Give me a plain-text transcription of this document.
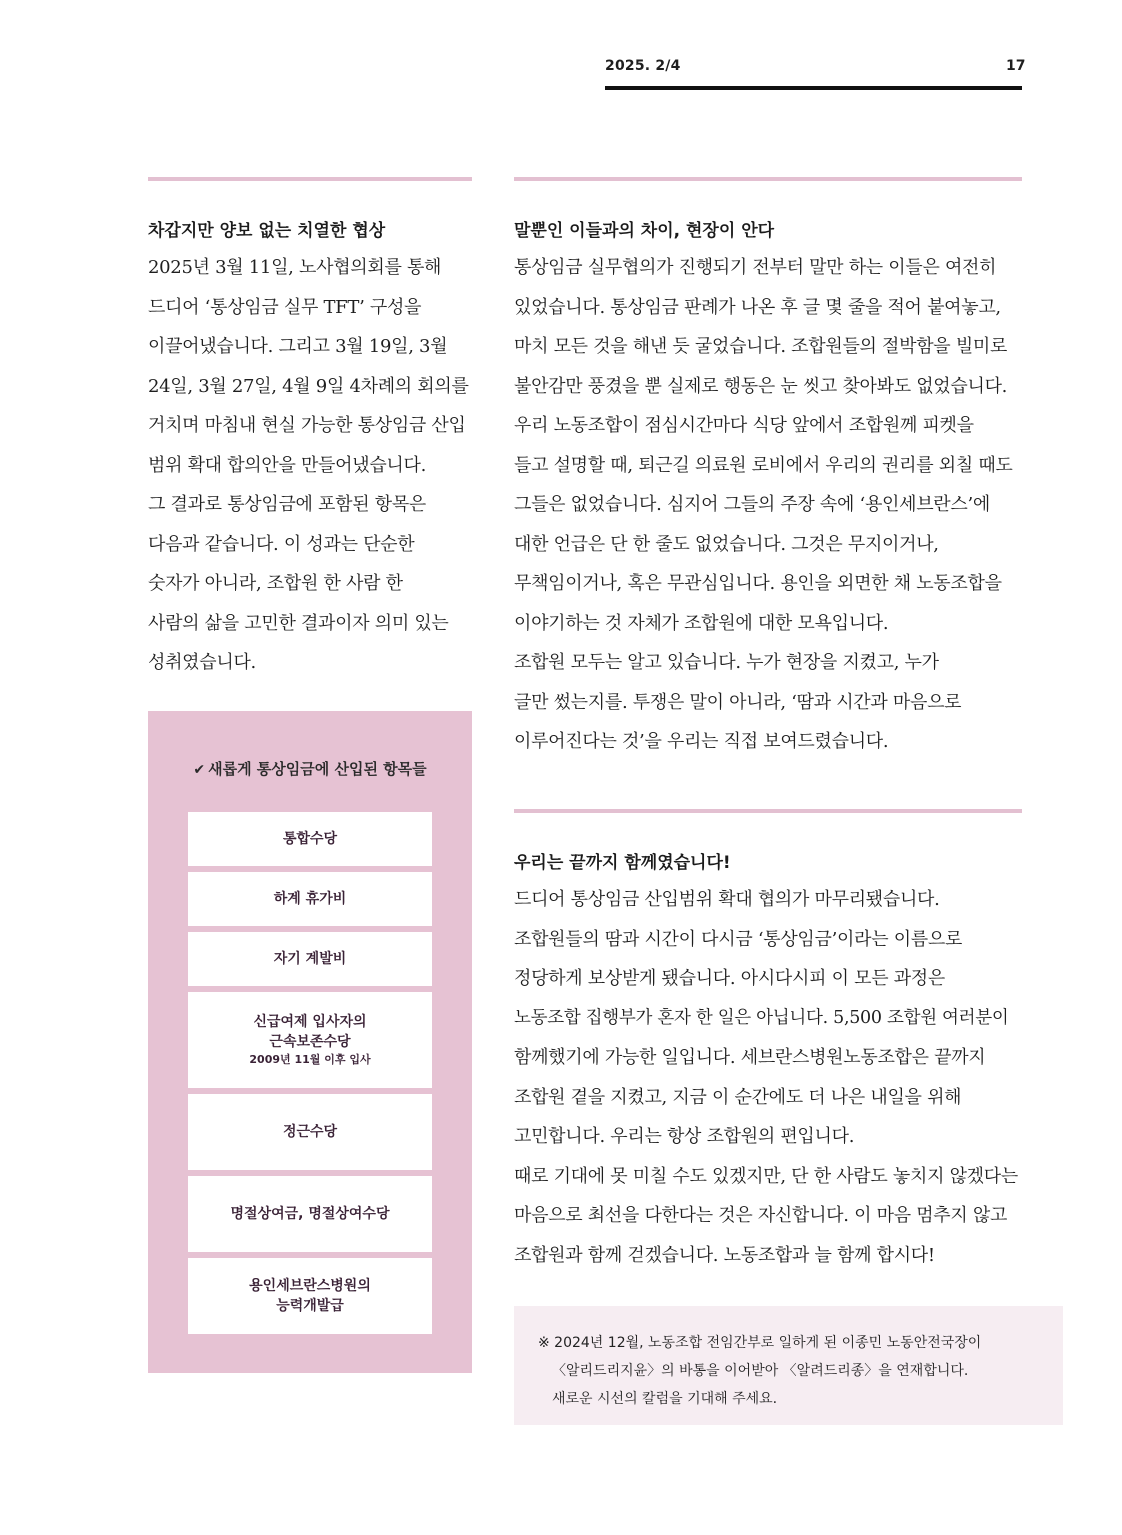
2025. 2/4	17
차갑지만 양보 없는 치열한 협상
2025년 3월 11일, 노사협의회를 통해
드디어 ‘통상임금 실무 TFT’ 구성을
이끌어냈습니다. 그리고 3월 19일, 3월
24일, 3월 27일, 4월 9일 4차례의 회의를
거치며 마침내 현실 가능한 통상임금 산입
범위 확대 합의안을 만들어냈습니다.
그 결과로 통상임금에 포함된 항목은
다음과 같습니다. 이 성과는 단순한
숫자가 아니라, 조합원 한 사람 한
사람의 삶을 고민한 결과이자 의미 있는
성취였습니다.
✔ 새롭게 통상임금에 산입된 항목들
통합수당
하계 휴가비
자기 계발비
신급여제 입사자의
근속보존수당
2009년 11월 이후 입사
정근수당
명절상여금, 명절상여수당
용인세브란스병원의
능력개발급
말뿐인 이들과의 차이, 현장이 안다
통상임금 실무협의가 진행되기 전부터 말만 하는 이들은 여전히
있었습니다. 통상임금 판례가 나온 후 글 몇 줄을 적어 붙여놓고,
마치 모든 것을 해낸 듯 굴었습니다. 조합원들의 절박함을 빌미로
불안감만 풍겼을 뿐 실제로 행동은 눈 씻고 찾아봐도 없었습니다.
우리 노동조합이 점심시간마다 식당 앞에서 조합원께 피켓을
들고 설명할 때, 퇴근길 의료원 로비에서 우리의 권리를 외칠 때도
그들은 없었습니다. 심지어 그들의 주장 속에 ‘용인세브란스’에
대한 언급은 단 한 줄도 없었습니다. 그것은 무지이거나,
무책임이거나, 혹은 무관심입니다. 용인을 외면한 채 노동조합을
이야기하는 것 자체가 조합원에 대한 모욕입니다.
조합원 모두는 알고 있습니다. 누가 현장을 지켰고, 누가
글만 썼는지를. 투쟁은 말이 아니라, ‘땀과 시간과 마음으로
이루어진다는 것’을 우리는 직접 보여드렸습니다.
우리는 끝까지 함께였습니다!
드디어 통상임금 산입범위 확대 협의가 마무리됐습니다.
조합원들의 땀과 시간이 다시금 ‘통상임금’이라는 이름으로
정당하게 보상받게 됐습니다. 아시다시피 이 모든 과정은
노동조합 집행부가 혼자 한 일은 아닙니다. 5,500 조합원 여러분이
함께했기에 가능한 일입니다. 세브란스병원노동조합은 끝까지
조합원 곁을 지켰고, 지금 이 순간에도 더 나은 내일을 위해
고민합니다. 우리는 항상 조합원의 편입니다.
때로 기대에 못 미칠 수도 있겠지만, 단 한 사람도 놓치지 않겠다는
마음으로 최선을 다한다는 것은 자신합니다. 이 마음 멈추지 않고
조합원과 함께 걷겠습니다. 노동조합과 늘 함께 합시다!
※ 2024년 12월, 노동조합 전임간부로 일하게 된 이종민 노동안전국장이
〈알리드리지윤〉의 바통을 이어받아 〈알려드리종〉을 연재합니다.
새로운 시선의 칼럼을 기대해 주세요.
